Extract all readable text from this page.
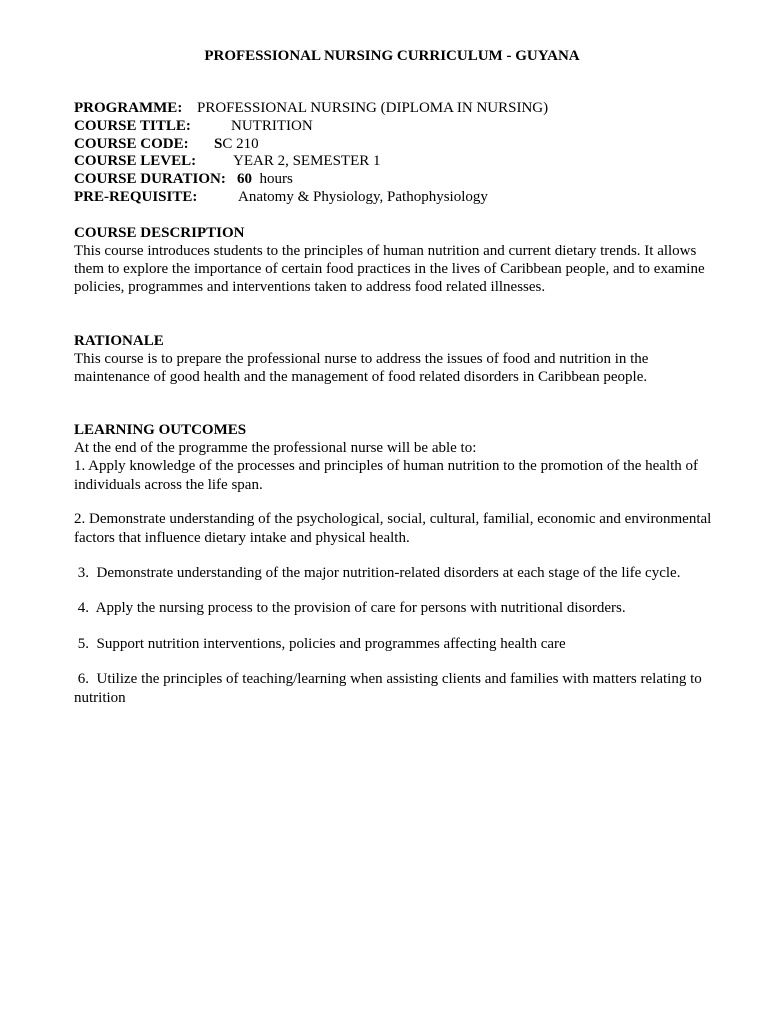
PROFESSIONAL NURSING CURRICULUM - GUYANA
PROGRAMME: PROFESSIONAL NURSING (DIPLOMA IN NURSING)
COURSE TITLE:	NUTRITION
COURSE CODE: SC 210
COURSE LEVEL: YEAR 2, SEMESTER 1
COURSE DURATION: 60 hours
PRE-REQUISITE:	Anatomy & Physiology, Pathophysiology
COURSE DESCRIPTION

This course introduces students to the principles of human nutrition and current dietary trends. It allows them to explore the importance of certain food practices in the lives of Caribbean people, and to examine policies, programmes and interventions taken to address food related illnesses.

RATIONALE

This course is to prepare the professional nurse to address the issues of food and nutrition in the maintenance of good health and the management of food related disorders in Caribbean people.

LEARNING OUTCOMES

At the end of the programme the professional nurse will be able to:

1. Apply knowledge of the processes and principles of human nutrition to the promotion of the health of individuals across the life span.
2. Demonstrate understanding of the psychological, social, cultural, familial, economic and environmental factors that influence dietary intake and physical health.
3.  Demonstrate understanding of the major nutrition-related disorders at each stage of the life cycle.
4.  Apply the nursing process to the provision of care for persons with nutritional disorders.
5.  Support nutrition interventions, policies and programmes affecting health care
6.  Utilize the principles of teaching/learning when assisting clients and families with matters relating to nutrition
